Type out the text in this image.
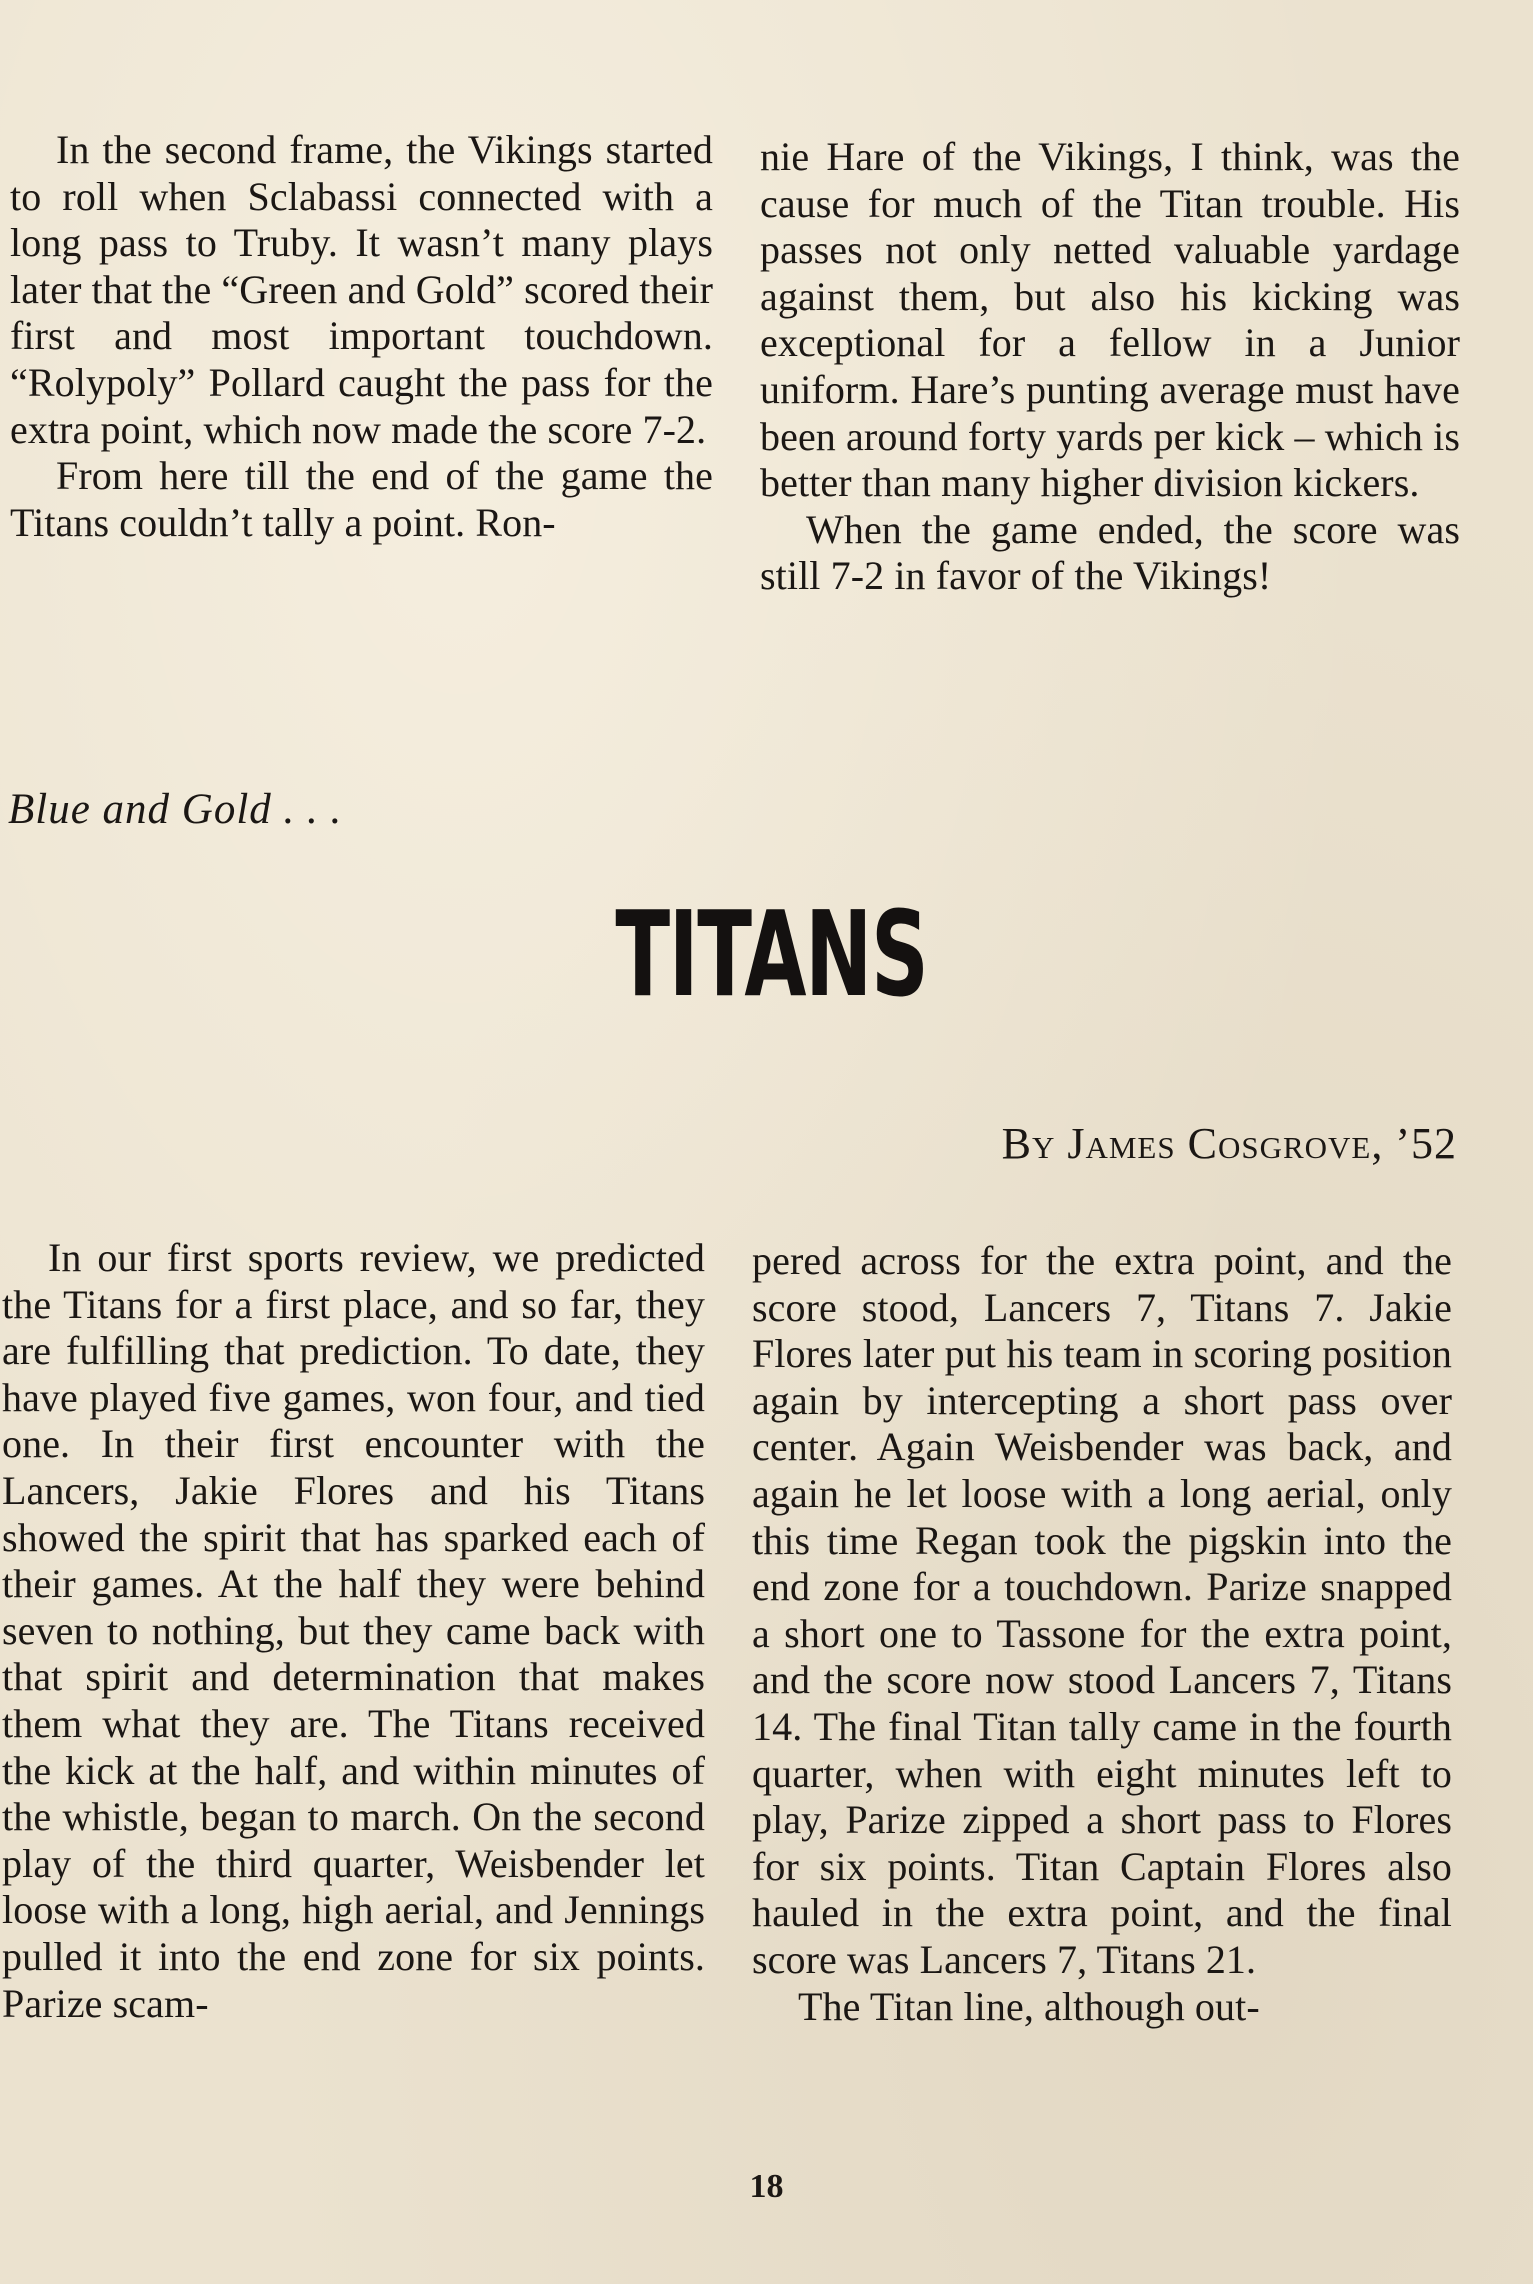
In the second frame, the Vikings started to roll when Sclabassi connected with a long pass to Truby. It wasn’t many plays later that the “Green and Gold” scored their first and most important touchdown. “Rolypoly” Pollard caught the pass for the extra point, which now made the score 7-2.

From here till the end of the game the Titans couldn’t tally a point. Ron-

nie Hare of the Vikings, I think, was the cause for much of the Titan trouble. His passes not only netted valuable yardage against them, but also his kicking was exceptional for a fellow in a Junior uniform. Hare’s punting average must have been around forty yards per kick – which is better than many higher division kickers.

When the game ended, the score was still 7-2 in favor of the Vikings!

Blue and Gold . . .
TITANS

By James Cosgrove, ’52

In our first sports review, we predicted the Titans for a first place, and so far, they are fulfilling that prediction. To date, they have played five games, won four, and tied one. In their first encounter with the Lancers, Jakie Flores and his Titans showed the spirit that has sparked each of their games. At the half they were behind seven to nothing, but they came back with that spirit and determination that makes them what they are. The Titans received the kick at the half, and within minutes of the whistle, began to march. On the second play of the third quarter, Weisbender let loose with a long, high aerial, and Jennings pulled it into the end zone for six points. Parize scam-

pered across for the extra point, and the score stood, Lancers 7, Titans 7. Jakie Flores later put his team in scoring position again by intercepting a short pass over center. Again Weisbender was back, and again he let loose with a long aerial, only this time Regan took the pigskin into the end zone for a touchdown. Parize snapped a short one to Tassone for the extra point, and the score now stood Lancers 7, Titans 14. The final Titan tally came in the fourth quarter, when with eight minutes left to play, Parize zipped a short pass to Flores for six points. Titan Captain Flores also hauled in the extra point, and the final score was Lancers 7, Titans 21.

The Titan line, although out-

18
